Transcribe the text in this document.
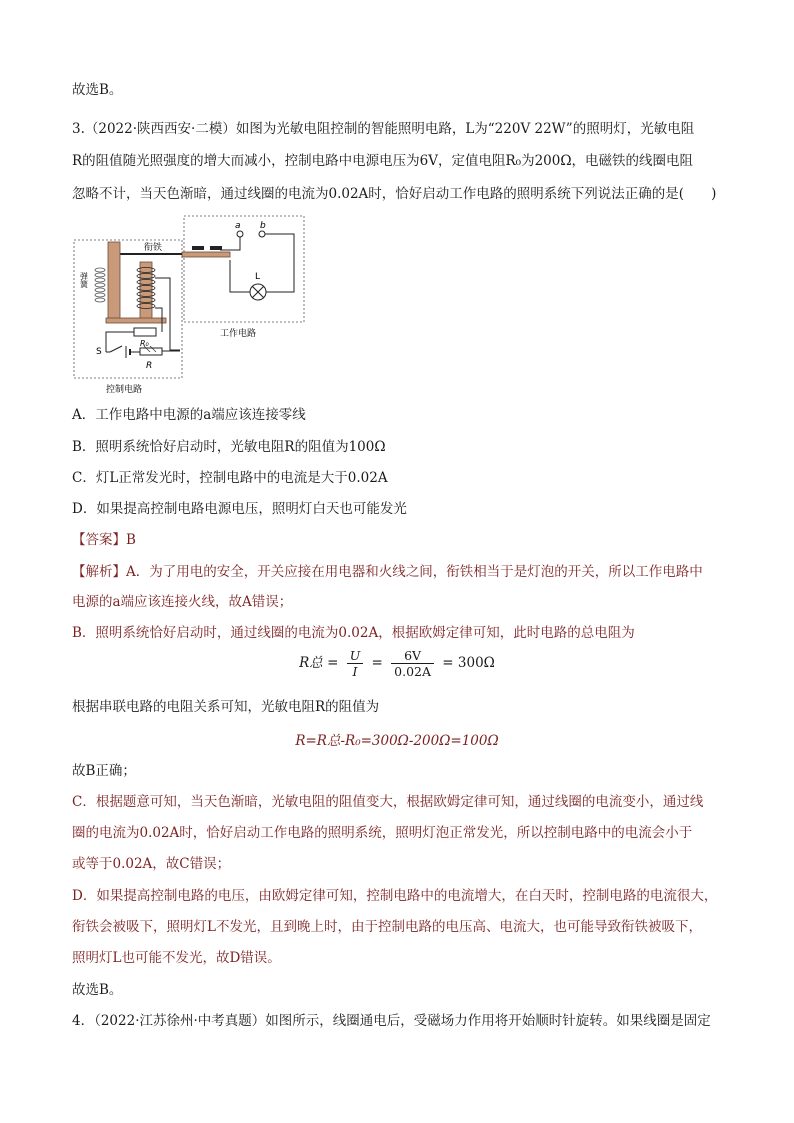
故选B。
3.（2022·陕西西安·二模）如图为光敏电阻控制的智能照明电路，L为“220V 22W”的照明灯，光敏电阻
R的阻值随光照强度的增大而减小，控制电路中电源电压为6V，定值电阻R₀为200Ω，电磁铁的线圈电阻
忽略不计，当天色渐暗，通过线圈的电流为0.02A时，恰好启动工作电路的照明系统下列说法正确的是(　　)
a b
L
衔铁
弹簧
R₀
R
S
工作电路
控制电路
A．工作电路中电源的a端应该连接零线
B．照明系统恰好启动时，光敏电阻R的阻值为100Ω
C．灯L正常发光时，控制电路中的电流是大于0.02A
D．如果提高控制电路电源电压，照明灯白天也可能发光
【答案】B
【解析】A．为了用电的安全，开关应接在用电器和火线之间，衔铁相当于是灯泡的开关，所以工作电路中
电源的a端应该连接火线，故A错误；
B．照明系统恰好启动时，通过线圈的电流为0.02A，根据欧姆定律可知，此时电路的总电阻为
R总 = $\frac{U}{I} = \frac{6V}{0.02A} = 300\Omega$
根据串联电路的电阻关系可知，光敏电阻R的阻值为
R=R总-R₀=300Ω-200Ω=100Ω
故B正确；
C．根据题意可知，当天色渐暗，光敏电阻的阻值变大，根据欧姆定律可知，通过线圈的电流变小，通过线
圈的电流为0.02A时，恰好启动工作电路的照明系统，照明灯泡正常发光，所以控制电路中的电流会小于
或等于0.02A，故C错误；
D．如果提高控制电路的电压，由欧姆定律可知，控制电路中的电流增大，在白天时，控制电路的电流很大，
衔铁会被吸下，照明灯L不发光，且到晚上时，由于控制电路的电压高、电流大，也可能导致衔铁被吸下，
照明灯L也可能不发光，故D错误。
故选B。
4．（2022·江苏徐州·中考真题）如图所示，线圈通电后，受磁场力作用将开始顺时针旋转。如果线圈是固定
